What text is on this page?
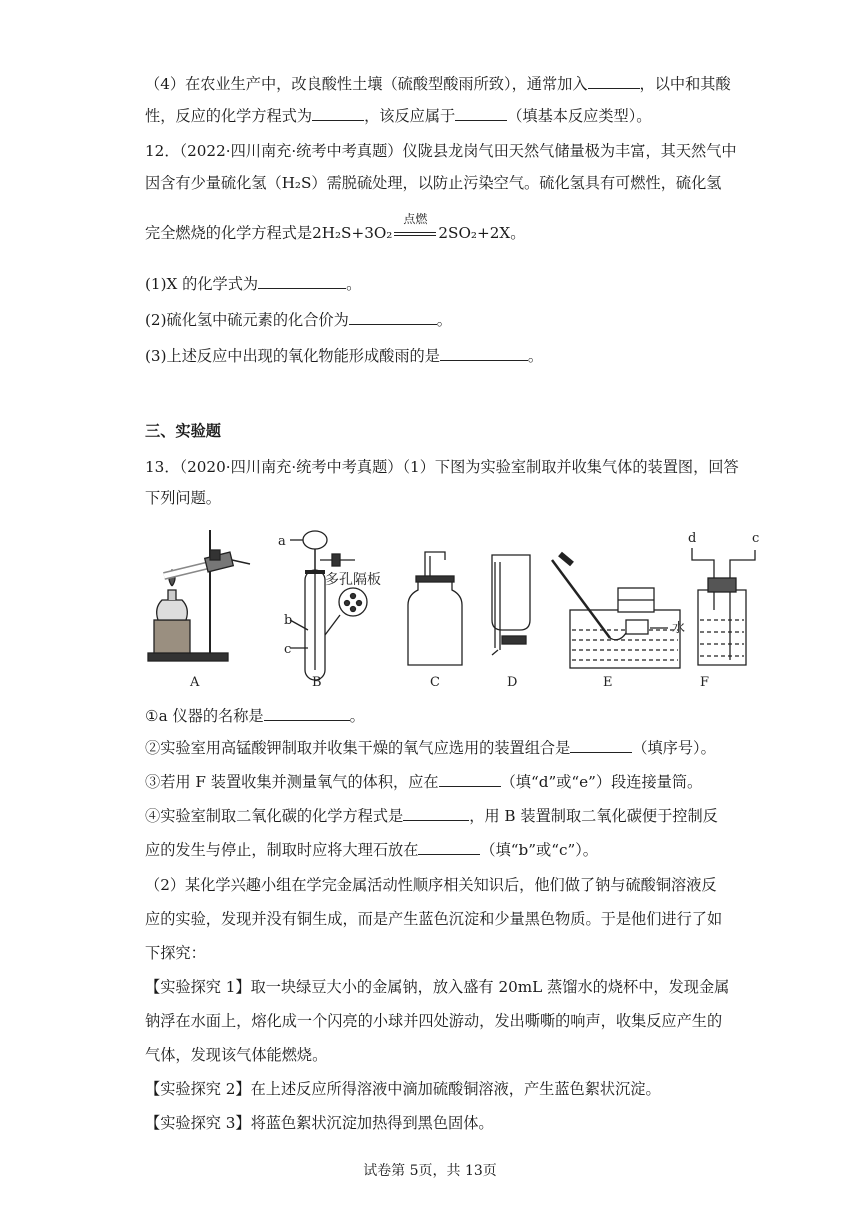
（4）在农业生产中，改良酸性土壤（硫酸型酸雨所致），通常加入	，以中和其酸
性，反应的化学方程式为	，该反应属于	（填基本反应类型）。
12．（2022·四川南充·统考中考真题）仪陇县龙岗气田天然气储量极为丰富，其天然气中
因含有少量硫化氢（H₂S）需脱硫处理，以防止污染空气。硫化氢具有可燃性，硫化氢
完全燃烧的化学方程式是2H₂S+3O₂
点燃
2SO₂+2X。
(1)X 的化学式为	。
(2)硫化氢中硫元素的化合价为	。
(3)上述反应中出现的氧化物能形成酸雨的是	。
三、实验题
13．（2020·四川南充·统考中考真题）（1）下图为实验室制取并收集气体的装置图，回答
下列问题。
a
b
c
多孔隔板
水
d	c
A	B	C	D	E	F
①a 仪器的名称是	。
②实验室用高锰酸钾制取并收集干燥的氧气应选用的装置组合是	（填序号）。
③若用 F 装置收集并测量氧气的体积，应在	（填“d”或“e”）段连接量筒。
④实验室制取二氧化碳的化学方程式是	，用 B 装置制取二氧化碳便于控制反
应的发生与停止，制取时应将大理石放在	（填“b”或“c”）。
（2）某化学兴趣小组在学完金属活动性顺序相关知识后，他们做了钠与硫酸铜溶液反
应的实验，发现并没有铜生成，而是产生蓝色沉淀和少量黑色物质。于是他们进行了如
下探究：
【实验探究 1】取一块绿豆大小的金属钠，放入盛有 20mL 蒸馏水的烧杯中，发现金属
钠浮在水面上，熔化成一个闪亮的小球并四处游动，发出嘶嘶的响声，收集反应产生的
气体，发现该气体能燃烧。
【实验探究 2】在上述反应所得溶液中滴加硫酸铜溶液，产生蓝色絮状沉淀。
【实验探究 3】将蓝色絮状沉淀加热得到黑色固体。
试卷第 5页，共 13页
